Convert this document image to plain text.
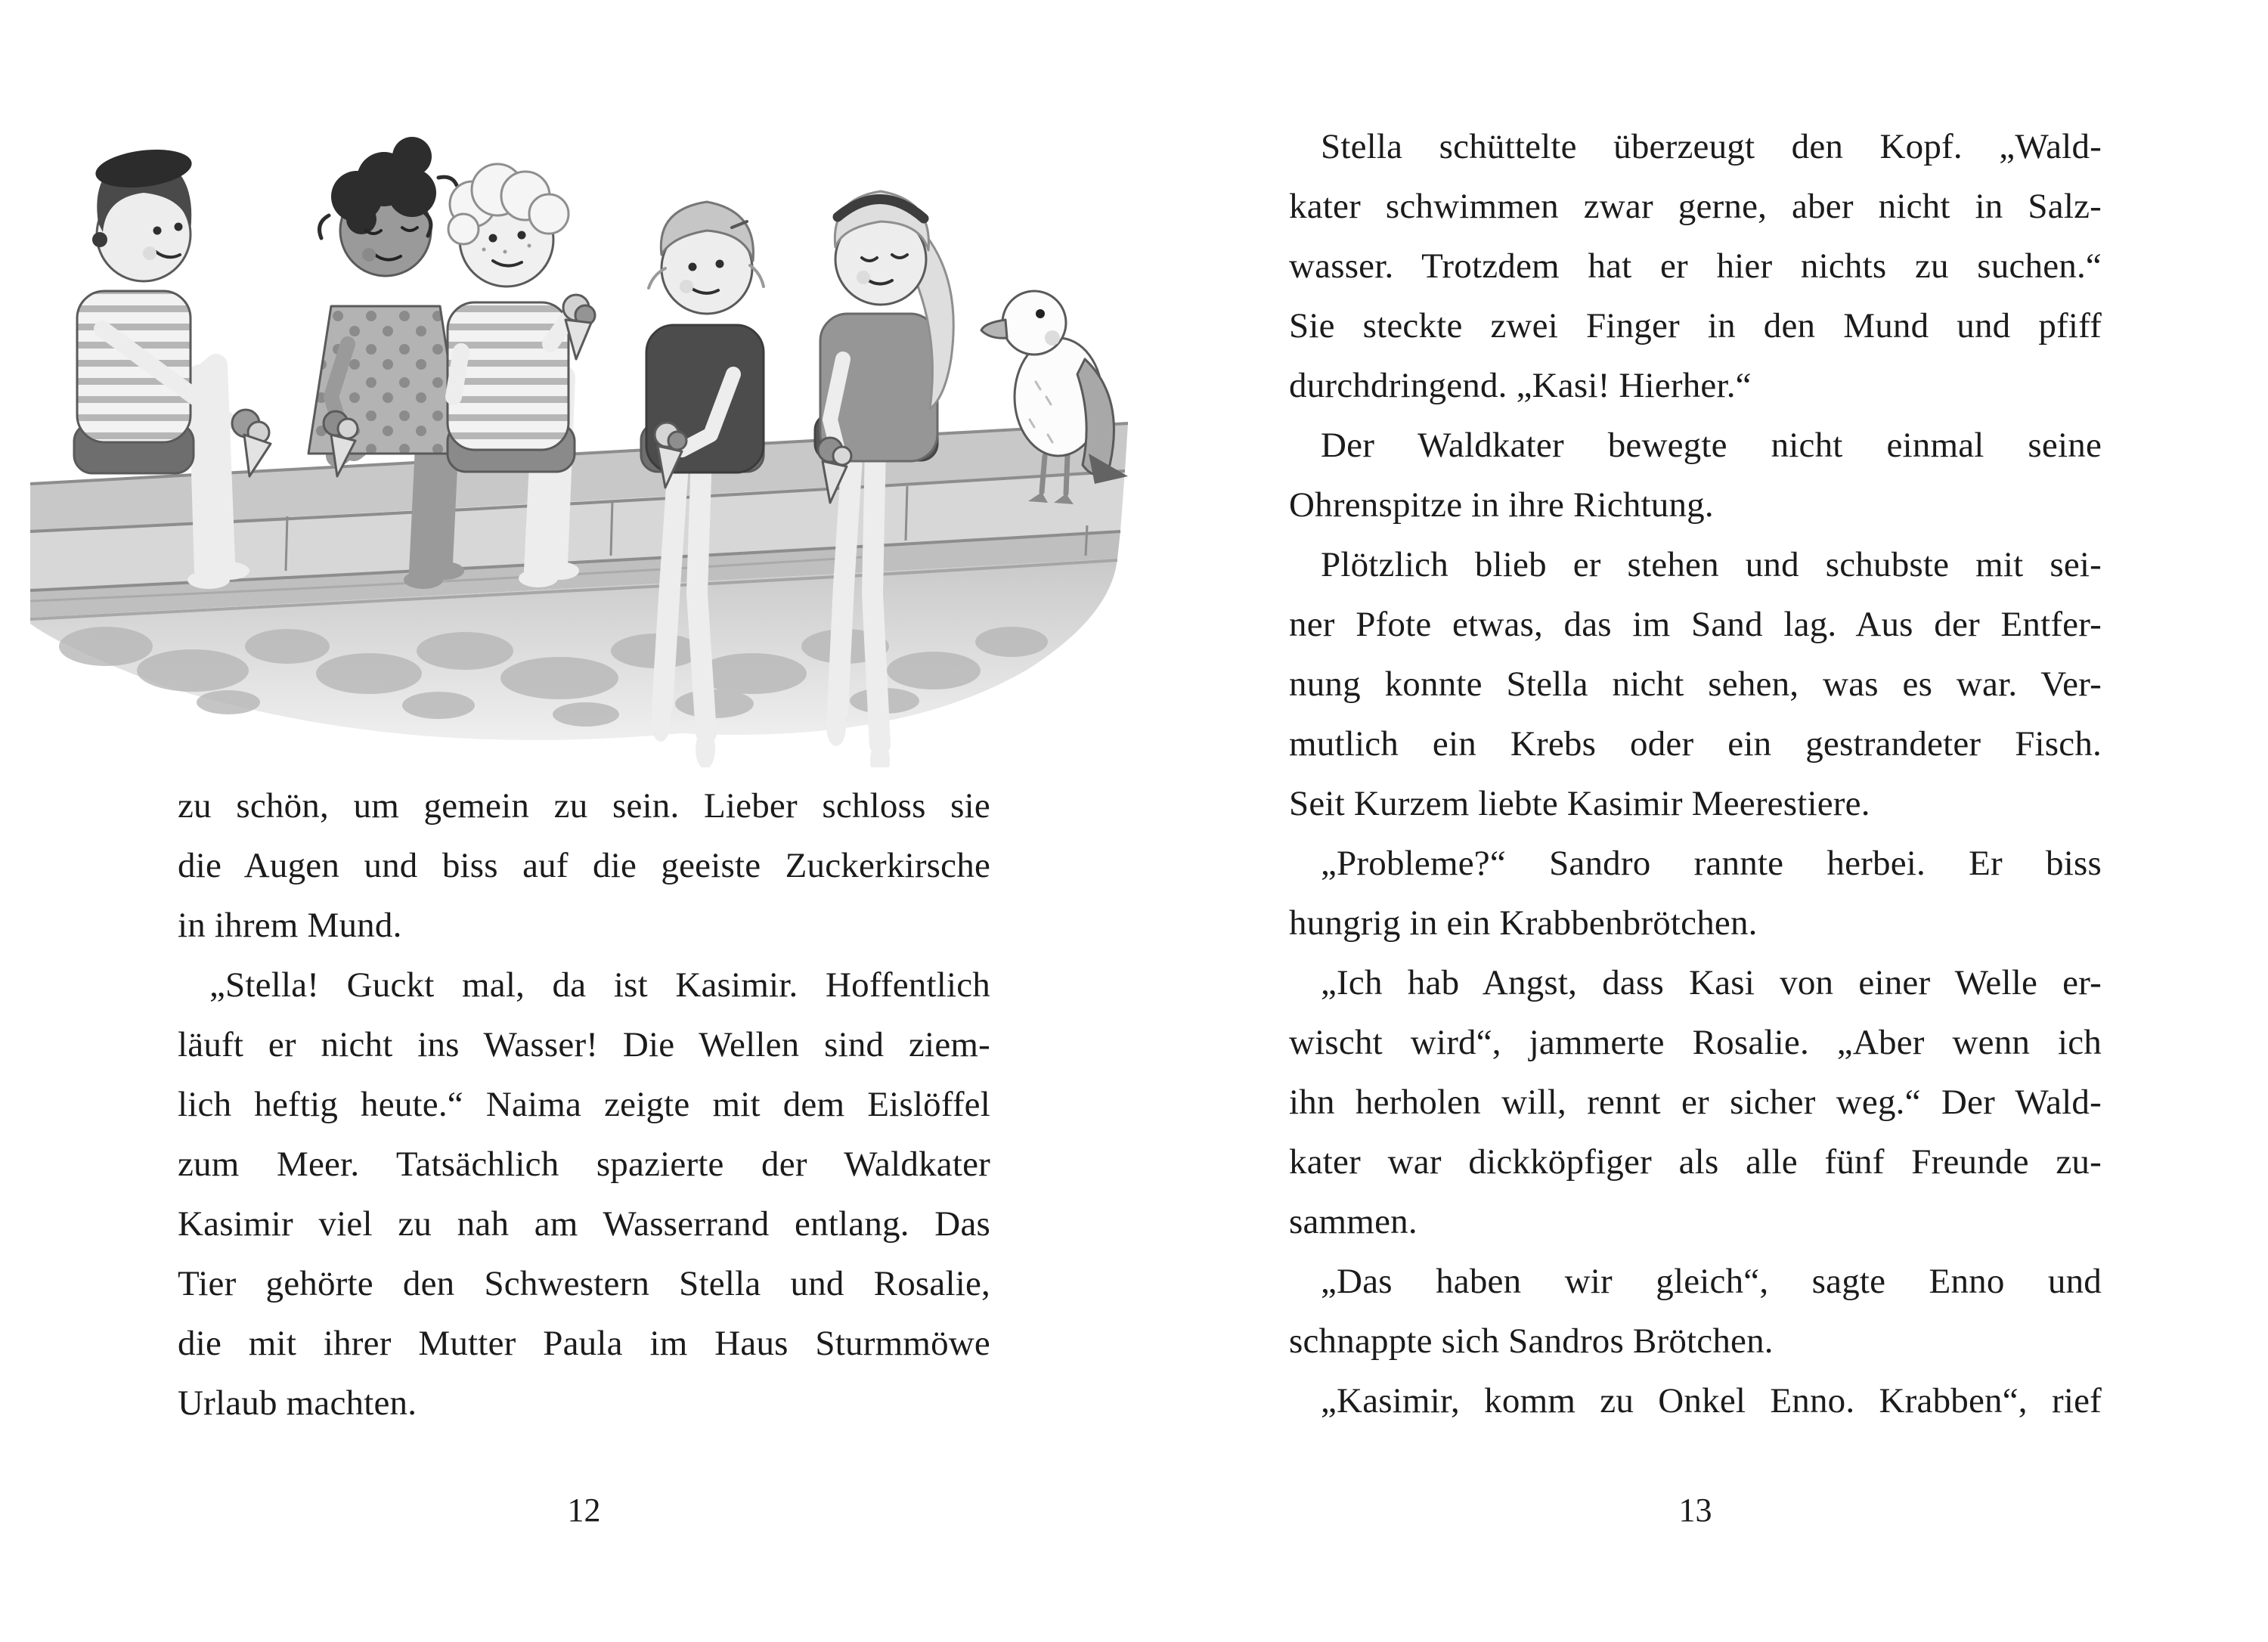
zu schön, um gemein zu sein. Lieber schloss sie
die Augen und biss auf die geeiste Zuckerkirsche
in ihrem Mund.
„Stella! Guckt mal, da ist Kasimir. Hoffentlich
läuft er nicht ins Wasser! Die Wellen sind ziem-
lich heftig heute.“ Naima zeigte mit dem Eislöffel
zum Meer. Tatsächlich spazierte der Waldkater
Kasimir viel zu nah am Wasserrand entlang. Das
Tier gehörte den Schwestern Stella und Rosalie,
die mit ihrer Mutter Paula im Haus Sturmmöwe
Urlaub machten.
12
Stella schüttelte überzeugt den Kopf. „Wald-
kater schwimmen zwar gerne, aber nicht in Salz-
wasser. Trotzdem hat er hier nichts zu suchen.“
Sie steckte zwei Finger in den Mund und pfiff
durchdringend. „Kasi! Hierher.“
Der Waldkater bewegte nicht einmal seine
Ohrenspitze in ihre Richtung.
Plötzlich blieb er stehen und schubste mit sei-
ner Pfote etwas, das im Sand lag. Aus der Entfer-
nung konnte Stella nicht sehen, was es war. Ver-
mutlich ein Krebs oder ein gestrandeter Fisch.
Seit Kurzem liebte Kasimir Meerestiere.
„Probleme?“ Sandro rannte herbei. Er biss
hungrig in ein Krabbenbrötchen.
„Ich hab Angst, dass Kasi von einer Welle er-
wischt wird“, jammerte Rosalie. „Aber wenn ich
ihn herholen will, rennt er sicher weg.“ Der Wald-
kater war dickköpfiger als alle fünf Freunde zu-
sammen.
„Das haben wir gleich“, sagte Enno und
schnappte sich Sandros Brötchen.
„Kasimir, komm zu Onkel Enno. Krabben“, rief
13
